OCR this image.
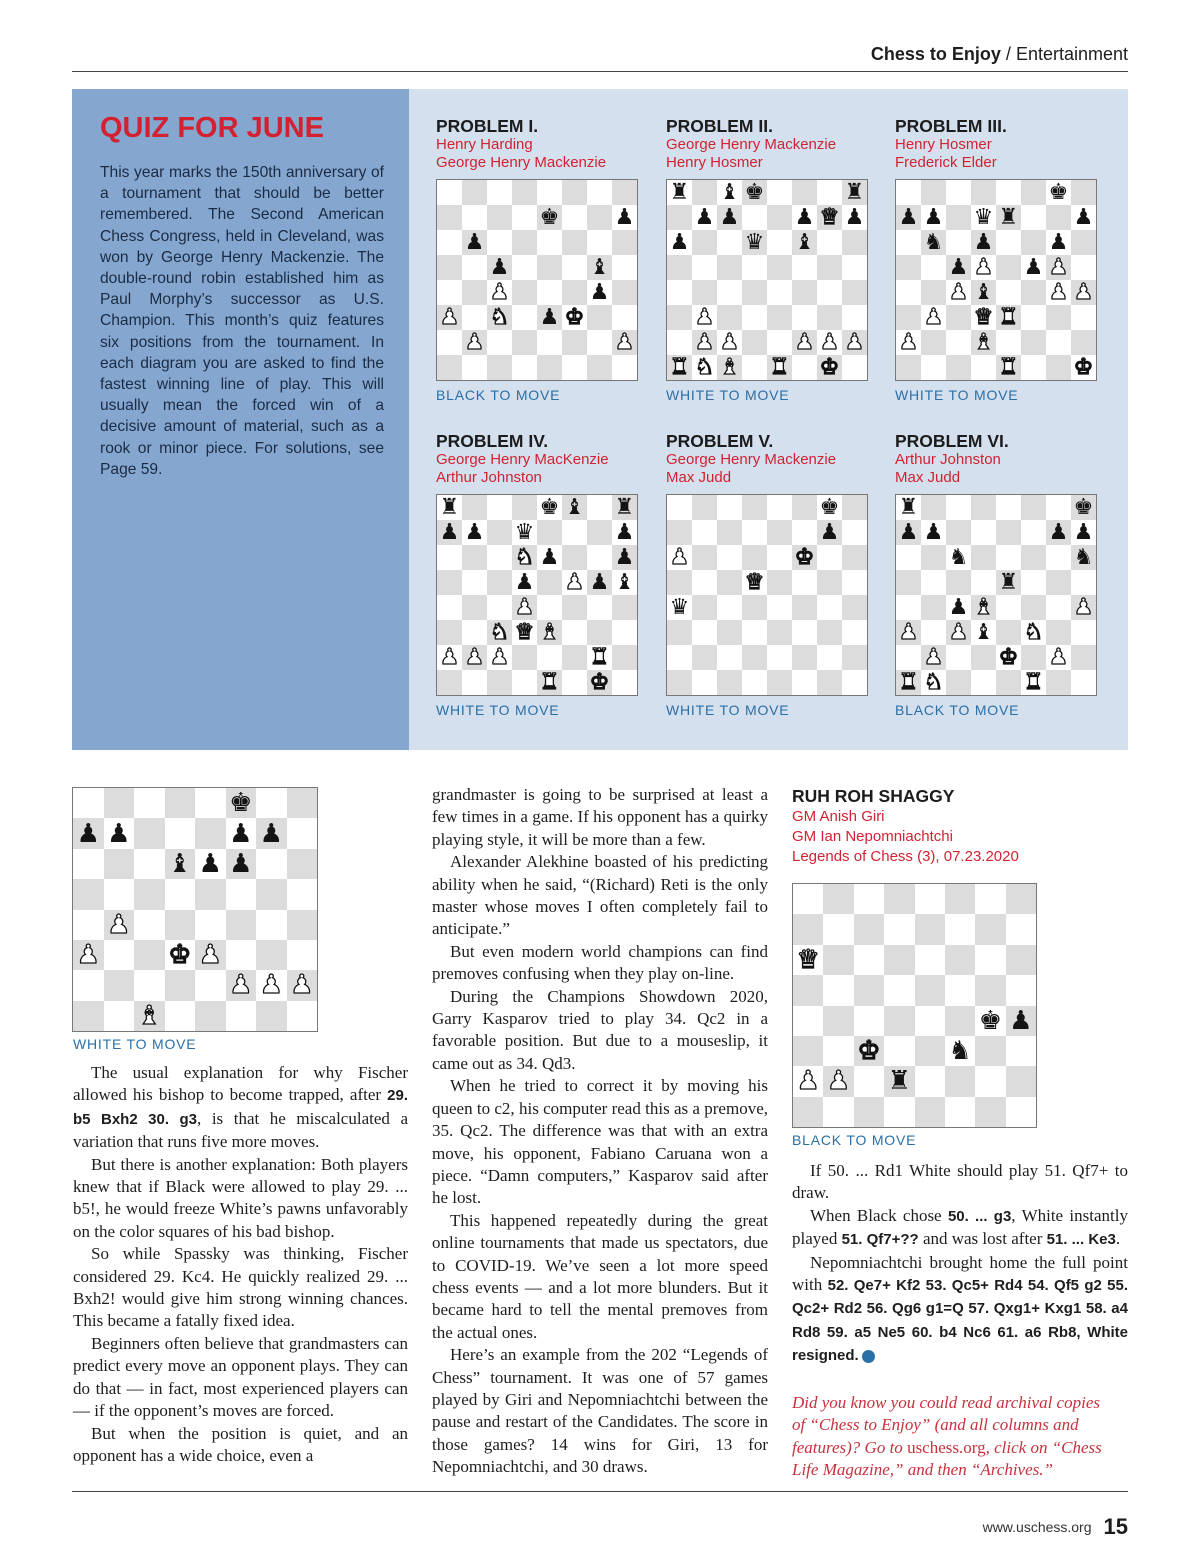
Chess to Enjoy / Entertainment
QUIZ FOR JUNE
This year marks the 150th anniversary of a tournament that should be better remembered. The Second American Chess Congress, held in Cleveland, was won by George Henry Mackenzie. The double-round robin established him as Paul Morphy’s successor as U.S. Champion. This month’s quiz features six positions from the tournament. In each diagram you are asked to find the fastest winning line of play. This will usually mean the forced win of a decisive amount of material, such as a rook or minor piece. For solutions, see Page 59.
PROBLEM I.
Henry Harding
George Henry Mackenzie
♚	♟
♟
♟	♝
♟	♟
♟ ♞ ♟ ♚
♟	♟
BLACK TO MOVE
PROBLEM II.
George Henry Mackenzie
Henry Hosmer
♜ ♝ ♚	♜
♟ ♟	♟ ♛ ♟
♟	♛ ♝
♟
♟ ♟	♟ ♟ ♟
♜ ♞ ♝ ♜ ♚
WHITE TO MOVE
PROBLEM III.
Henry Hosmer
Frederick Elder
♚
♟ ♟ ♛ ♜	♟
♞ ♟	♟
♟ ♟ ♟ ♟
♟ ♝	♟ ♟
♟ ♛ ♜
♟	♝
♜	♚
WHITE TO MOVE
PROBLEM IV.
George Henry MacKenzie
Arthur Johnston
♜	♚ ♝ ♜
♟ ♟ ♛	♟
♞ ♟	♟
♟ ♟ ♟ ♝
♟
♞ ♛ ♝
♟ ♟ ♟	♜
♜ ♚
WHITE TO MOVE
PROBLEM V.
George Henry Mackenzie
Max Judd
♚
♟
♟	♚
♛
♛
WHITE TO MOVE
PROBLEM VI.
Arthur Johnston
Max Judd
♜	♚
♟ ♟	♟ ♟
♞	♞
♜
♟ ♝	♟
♟ ♟ ♝ ♞
♟	♚ ♟
♜ ♞	♜
BLACK TO MOVE
♚
♟ ♟	♟ ♟
♝ ♟ ♟
♟
♟	♚ ♟
♟ ♟ ♟
♝
WHITE TO MOVE

The usual explanation for why Fischer allowed his bishop to become trapped, after 29. b5 Bxh2 30. g3, is that he miscalculated a variation that runs five more moves.

But there is another explanation: Both players knew that if Black were allowed to play 29. ... b5!, he would freeze White’s pawns unfavorably on the color squares of his bad bishop.

So while Spassky was thinking, Fischer considered 29. Kc4. He quickly realized 29. ... Bxh2! would give him strong winning chances. This became a fatally fixed idea.

Beginners often believe that grandmasters can predict every move an opponent plays. They can do that — in fact, most experienced players can — if the opponent’s moves are forced.

But when the position is quiet, and an opponent has a wide choice, even a

grandmaster is going to be surprised at least a few times in a game. If his opponent has a quirky playing style, it will be more than a few.

Alexander Alekhine boasted of his predicting ability when he said, “(Richard) Reti is the only master whose moves I often completely fail to anticipate.”

But even modern world champions can find premoves confusing when they play on-line.

During the Champions Showdown 2020, Garry Kasparov tried to play 34. Qc2 in a favorable position. But due to a mouseslip, it came out as 34. Qd3.

When he tried to correct it by moving his queen to c2, his computer read this as a premove, 35. Qc2. The difference was that with an extra move, his opponent, Fabiano Caruana won a piece. “Damn computers,” Kasparov said after he lost.

This happened repeatedly during the great online tournaments that made us spectators, due to COVID-19. We’ve seen a lot more speed chess events — and a lot more blunders. But it became hard to tell the mental premoves from the actual ones.

Here’s an example from the 202 “Legends of Chess” tournament. It was one of 57 games played by Giri and Nepomniachtchi between the pause and restart of the Candidates. The score in those games? 14 wins for Giri, 13 for Nepomniachtchi, and 30 draws.

RUH ROH SHAGGY
GM Anish Giri
GM Ian Nepomniachtchi
Legends of Chess (3), 07.23.2020
♛
♚ ♟
♚	♞
♟ ♟ ♜
BLACK TO MOVE

If 50. ... Rd1 White should play 51. Qf7+ to draw.

When Black chose 50. ... g3, White instantly played 51. Qf7+?? and was lost after 51. ... Ke3.

Nepomniachtchi brought home the full point with 52. Qe7+ Kf2 53. Qc5+ Rd4 54. Qf5 g2 55. Qc2+ Rd2 56. Qg6 g1=Q 57. Qxg1+ Kxg1 58. a4 Rd8 59. a5 Ne5 60. b4 Nc6 61. a6 Rb8, White resigned. i

Did you know you could read archival copies of “Chess to Enjoy” (and all columns and features)? Go to uschess.org, click on “Chess Life Magazine,” and then “Archives.”
www.uschess.org 15
